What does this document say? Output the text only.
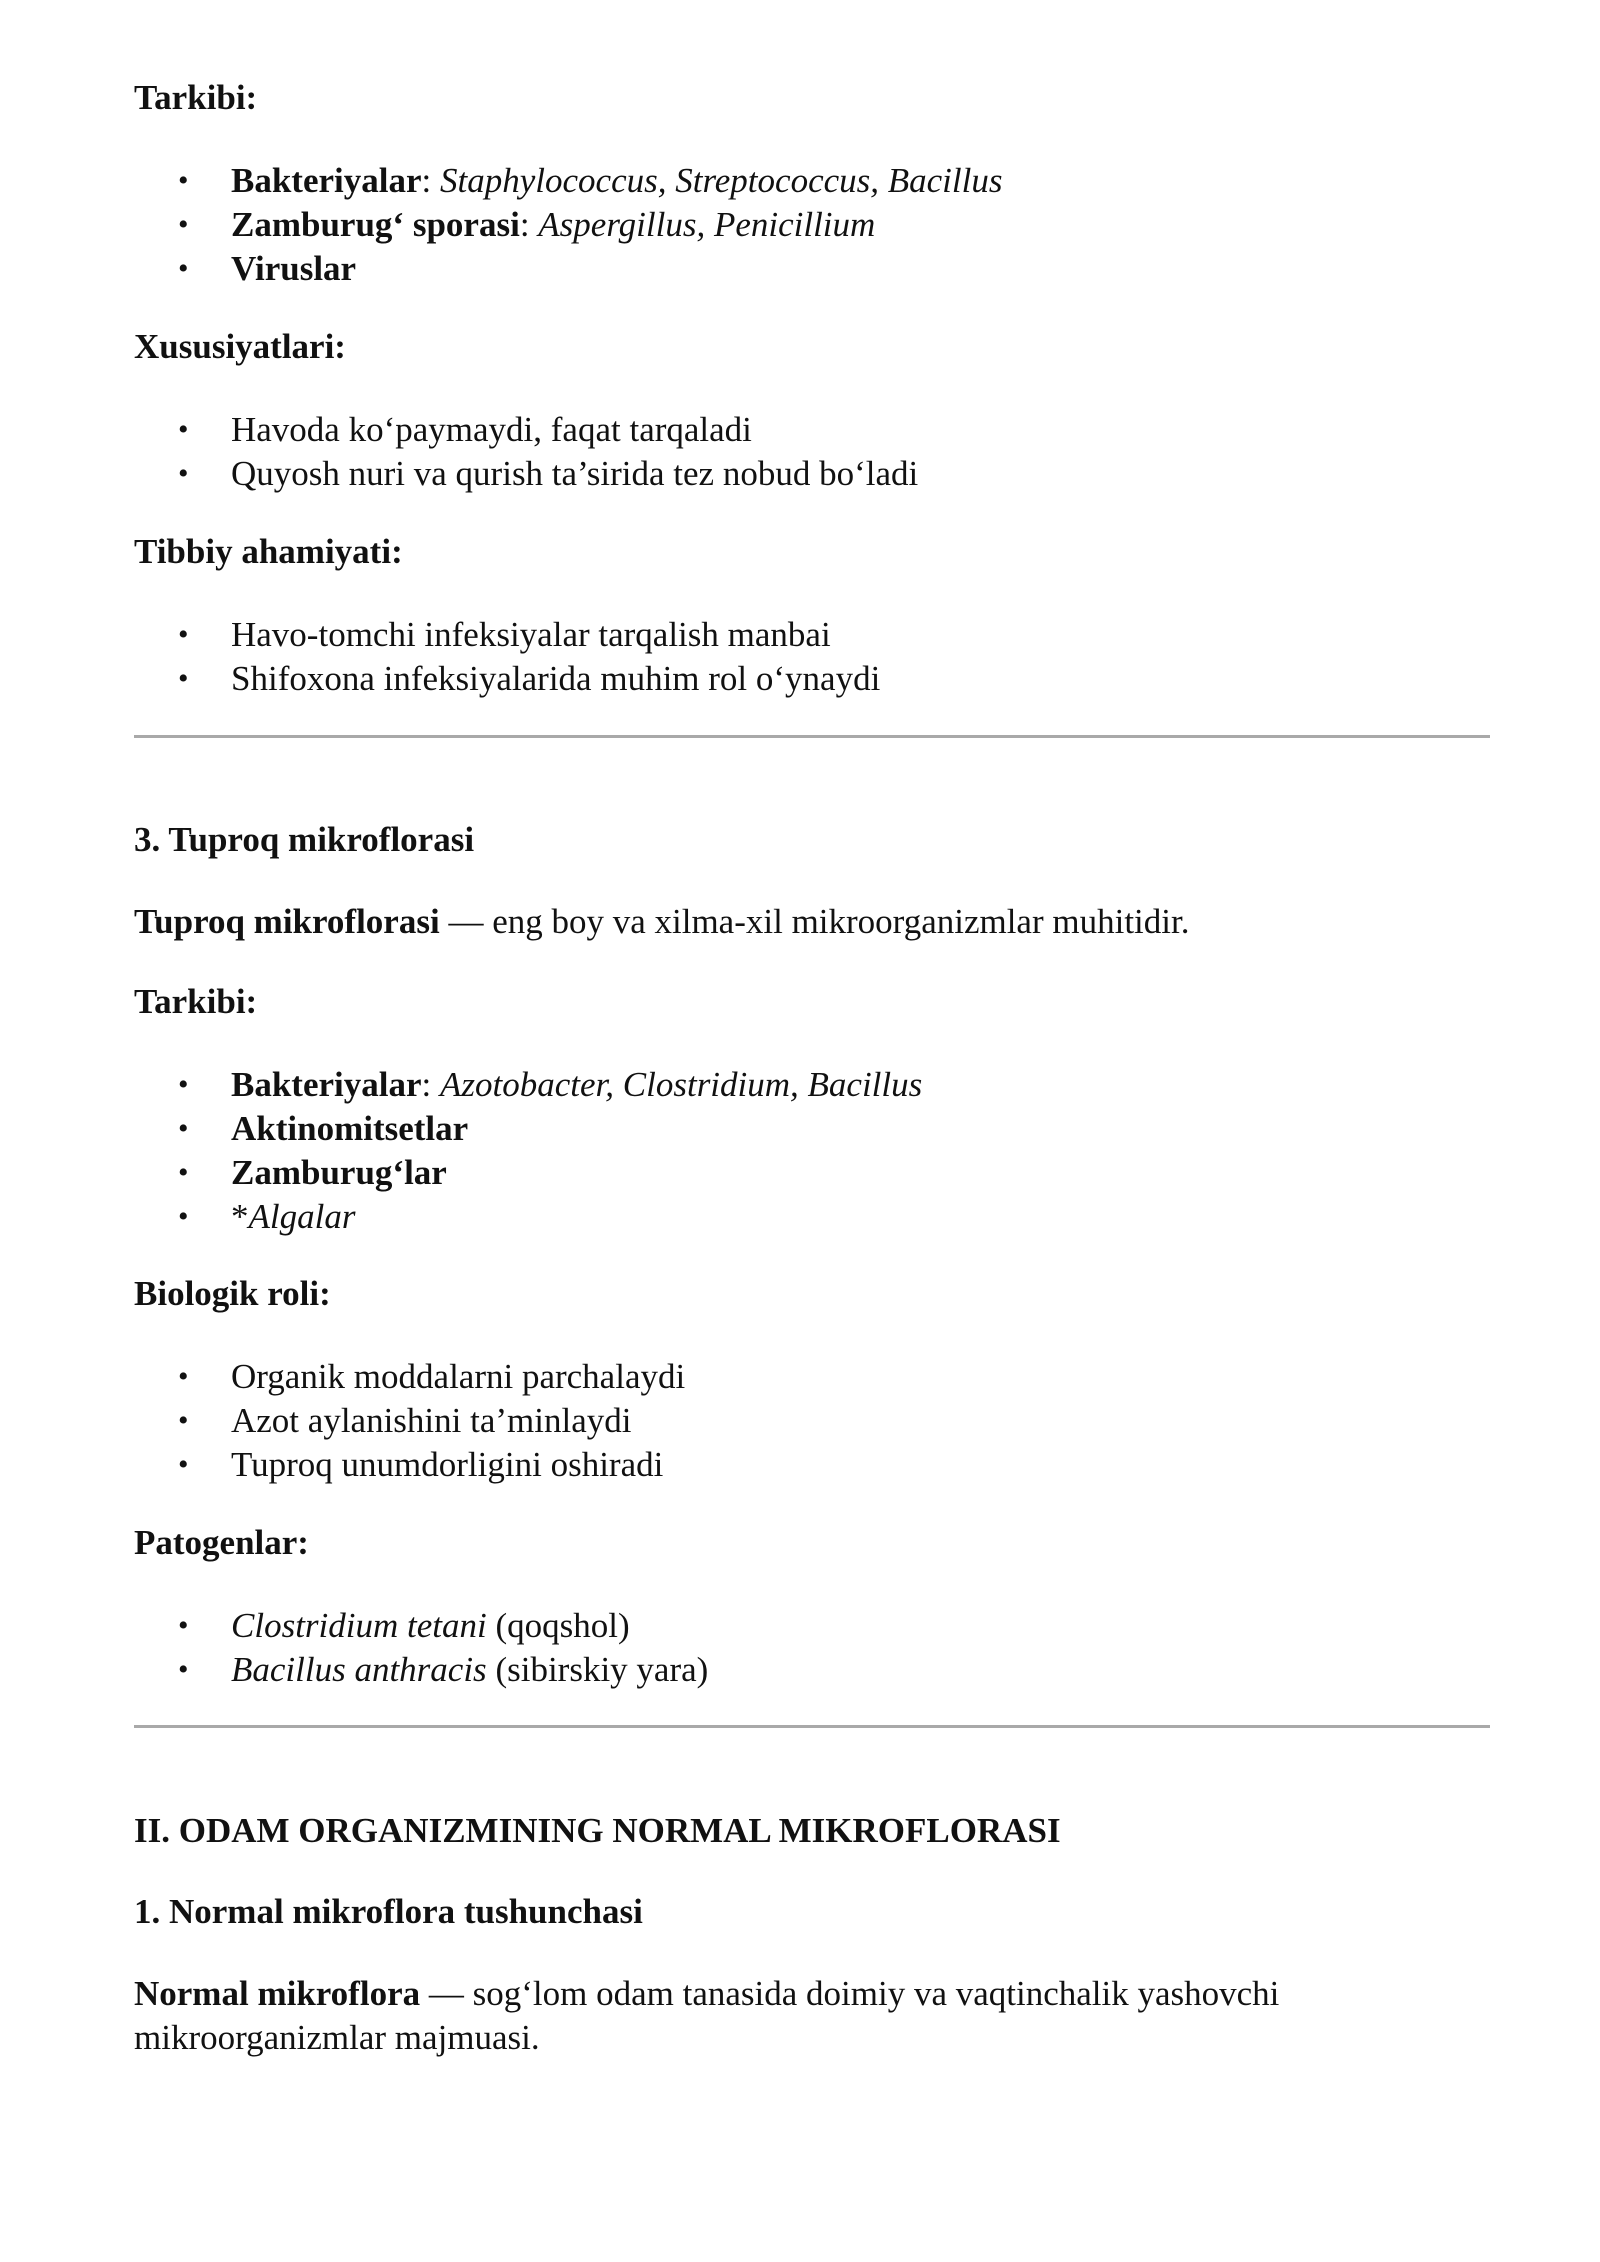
Tarkibi:
• Bakteriyalar: Staphylococcus, Streptococcus, Bacillus
• Zamburug‘ sporasi: Aspergillus, Penicillium
• Viruslar
Xususiyatlari:
• Havoda ko‘paymaydi, faqat tarqaladi
• Quyosh nuri va qurish ta’sirida tez nobud bo‘ladi
Tibbiy ahamiyati:
• Havo-tomchi infeksiyalar tarqalish manbai
• Shifoxona infeksiyalarida muhim rol o‘ynaydi
3. Tuproq mikroflorasi

Tuproq mikroflorasi — eng boy va xilma-xil mikroorganizmlar muhitidir.

Tarkibi:
• Bakteriyalar: Azotobacter, Clostridium, Bacillus
• Aktinomitsetlar
• Zamburug‘lar
• *Algalar
Biologik roli:
• Organik moddalarni parchalaydi
• Azot aylanishini ta’minlaydi
• Tuproq unumdorligini oshiradi
Patogenlar:
• Clostridium tetani (qoqshol)
• Bacillus anthracis (sibirskiy yara)
II. ODAM ORGANIZMINING NORMAL MIKROFLORASI
1. Normal mikroflora tushunchasi

Normal mikroflora — sog‘lom odam tanasida doimiy va vaqtinchalik yashovchi mikroorganizmlar majmuasi.
